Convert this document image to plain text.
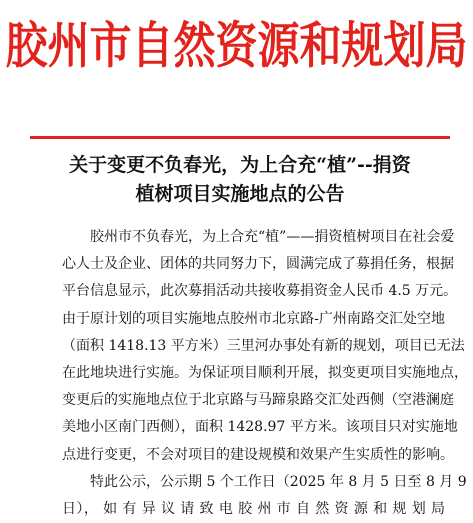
胶州市自然资源和规划局
关于变更不负春光，为上合充“植”--捐资
植树项目实施地点的公告
胶州市不负春光，为上合充“植”——捐资植树项目在社会爱
心人士及企业、团体的共同努力下，圆满完成了募捐任务，根据
平台信息显示，此次募捐活动共接收募捐资金人民币 4.5 万元。
由于原计划的项目实施地点胶州市北京路-广州南路交汇处空地
（面积 1418.13 平方米）三里河办事处有新的规划，项目已无法
在此地块进行实施。为保证项目顺利开展，拟变更项目实施地点，
变更后的实施地点位于北京路与马蹄泉路交汇处西侧（空港澜庭
美地小区南门西侧），面积 1428.97 平方米。该项目只对实施地
点进行变更，不会对项目的建设规模和效果产生实质性的影响。
特此公示，公示期 5 个工作日（2025 年 8 月 5 日至 8 月 9
日）， 如 有 异 议 请 致 电 胶 州 市 自 然 资 源 和 规 划 局
